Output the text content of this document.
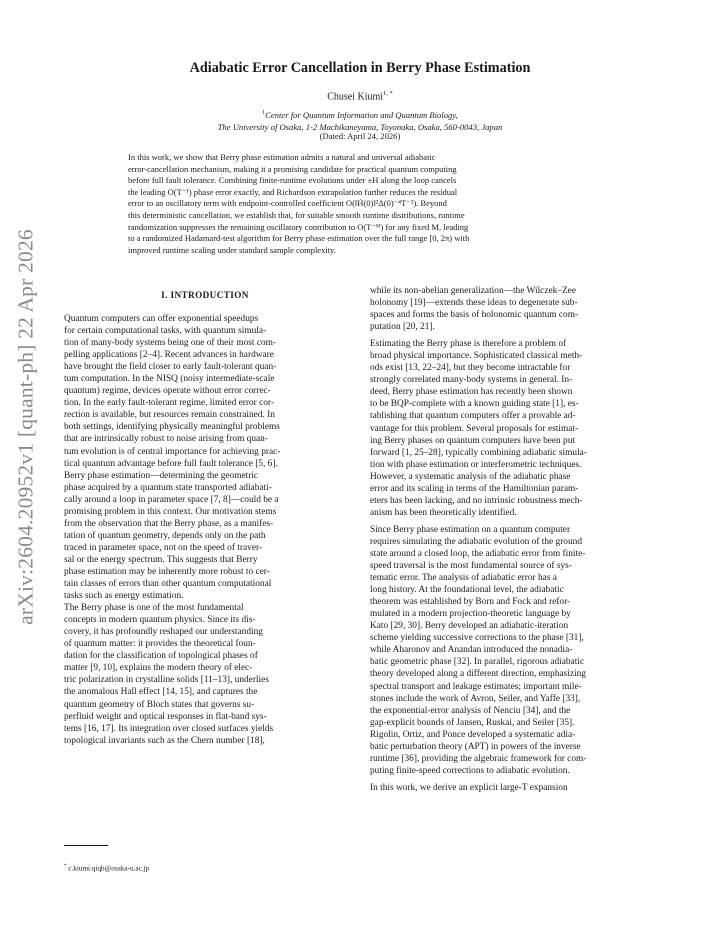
arXiv:2604.20952v1 [quant-ph] 22 Apr 2026
Adiabatic Error Cancellation in Berry Phase Estimation
Chusei Kiumi$^{1, *}$
$^1$Center for Quantum Information and Quantum Biology,
The University of Osaka, 1-2 Machikaneyama, Toyonaka, Osaka, 560-0043, Japan
(Dated: April 24, 2026)
In this work, we show that Berry phase estimation admits a natural and universal adiabatic
error-cancellation mechanism, making it a promising candidate for practical quantum computing
before full fault tolerance. Combining finite-runtime evolutions under ±H along the loop cancels
the leading O(T⁻¹) phase error exactly, and Richardson extrapolation further reduces the residual
error to an oscillatory term with endpoint-controlled coefficient O(‖Ḣ(0)‖²Δ(0)⁻⁴T⁻²). Beyond
this deterministic cancellation, we establish that, for suitable smooth runtime distributions, runtime
randomization suppresses the remaining oscillatory contribution to O(T⁻ᴹ) for any fixed M, leading
to a randomized Hadamard-test algorithm for Berry phase estimation over the full range [0, 2π) with
improved runtime scaling under standard sample complexity.
I. INTRODUCTION
Quantum computers can offer exponential speedups
for certain computational tasks, with quantum simula-
tion of many-body systems being one of their most com-
pelling applications [2–4]. Recent advances in hardware
have brought the field closer to early fault-tolerant quan-
tum computation. In the NISQ (noisy intermediate-scale
quantum) regime, devices operate without error correc-
tion. In the early fault-tolerant regime, limited error cor-
rection is available, but resources remain constrained. In
both settings, identifying physically meaningful problems
that are intrinsically robust to noise arising from quan-
tum evolution is of central importance for achieving prac-
tical quantum advantage before full fault tolerance [5, 6].
Berry phase estimation—determining the geometric
phase acquired by a quantum state transported adiabati-
cally around a loop in parameter space [7, 8]—could be a
promising problem in this context. Our motivation stems
from the observation that the Berry phase, as a manifes-
tation of quantum geometry, depends only on the path
traced in parameter space, not on the speed of traver-
sal or the energy spectrum. This suggests that Berry
phase estimation may be inherently more robust to cer-
tain classes of errors than other quantum computational
tasks such as energy estimation.
The Berry phase is one of the most fundamental
concepts in modern quantum physics. Since its dis-
covery, it has profoundly reshaped our understanding
of quantum matter: it provides the theoretical foun-
dation for the classification of topological phases of
matter [9, 10], explains the modern theory of elec-
tric polarization in crystalline solids [11–13], underlies
the anomalous Hall effect [14, 15], and captures the
quantum geometry of Bloch states that governs su-
perfluid weight and optical responses in flat-band sys-
tems [16, 17]. Its integration over closed surfaces yields
topological invariants such as the Chern number [18],
while its non-abelian generalization—the Wilczek–Zee
holonomy [19]—extends these ideas to degenerate sub-
spaces and forms the basis of holonomic quantum com-
putation [20, 21].
Estimating the Berry phase is therefore a problem of
broad physical importance. Sophisticated classical meth-
ods exist [13, 22–24], but they become intractable for
strongly correlated many-body systems in general. In-
deed, Berry phase estimation has recently been shown
to be BQP-complete with a known guiding state [1], es-
tablishing that quantum computers offer a provable ad-
vantage for this problem. Several proposals for estimat-
ing Berry phases on quantum computers have been put
forward [1, 25–28], typically combining adiabatic simula-
tion with phase estimation or interferometric techniques.
However, a systematic analysis of the adiabatic phase
error and its scaling in terms of the Hamiltonian param-
eters has been lacking, and no intrinsic robustness mech-
anism has been theoretically identified.
Since Berry phase estimation on a quantum computer
requires simulating the adiabatic evolution of the ground
state around a closed loop, the adiabatic error from finite-
speed traversal is the most fundamental source of sys-
tematic error. The analysis of adiabatic error has a
long history. At the foundational level, the adiabatic
theorem was established by Born and Fock and refor-
mulated in a modern projection-theoretic language by
Kato [29, 30]. Berry developed an adiabatic-iteration
scheme yielding successive corrections to the phase [31],
while Aharonov and Anandan introduced the nonadia-
batic geometric phase [32]. In parallel, rigorous adiabatic
theory developed along a different direction, emphasizing
spectral transport and leakage estimates; important mile-
stones include the work of Avron, Seiler, and Yaffe [33],
the exponential-error analysis of Nenciu [34], and the
gap-explicit bounds of Jansen, Ruskai, and Seiler [35].
Rigolin, Ortiz, and Ponce developed a systematic adia-
batic perturbation theory (APT) in powers of the inverse
runtime [36], providing the algebraic framework for com-
puting finite-speed corrections to adiabatic evolution.
In this work, we derive an explicit large-T expansion
* c.kiumi.qiqb@osaka-u.ac.jp
